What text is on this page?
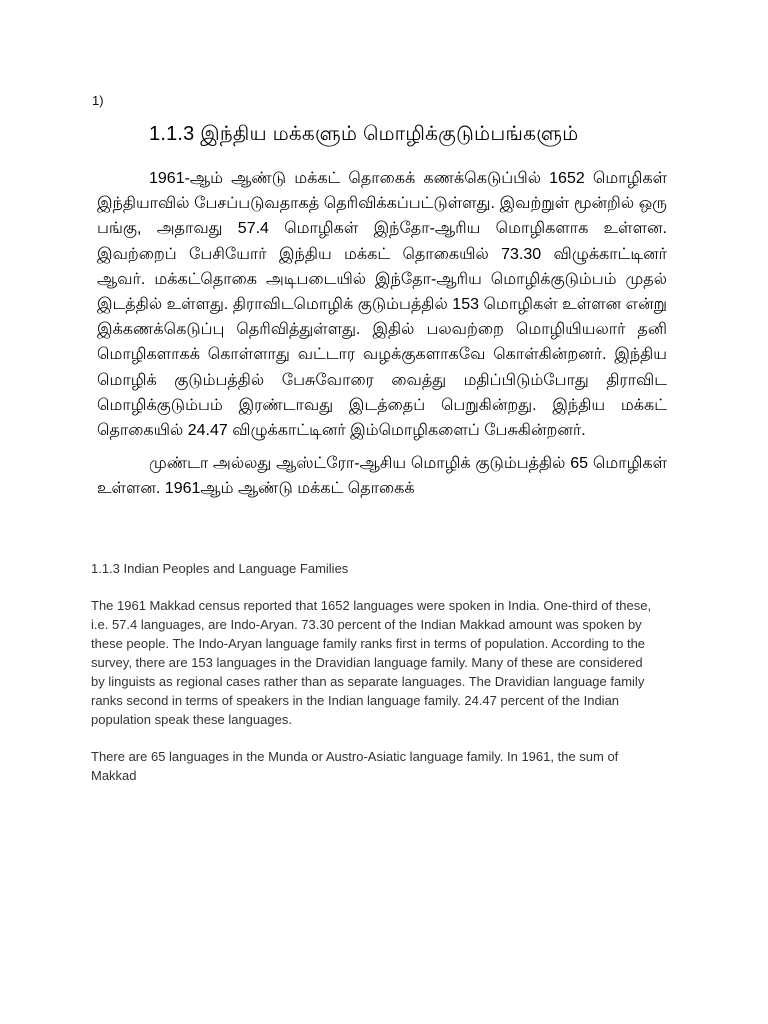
1)
1.1.3 இந்திய மக்களும் மொழிக்குடும்பங்களும்

1961-ஆம் ஆண்டு மக்கட் தொகைக் கணக்கெடுப்பில் 1652 மொழிகள் இந்தியாவில் பேசப்படுவதாகத் தெரிவிக்கப்பட்டுள்ளது. இவற்றுள் மூன்றில் ஒரு பங்கு, அதாவது 57.4 மொழிகள் இந்தோ-ஆரிய மொழிகளாக உள்ளன. இவற்றைப் பேசியோர் இந்திய மக்கட் தொகையில் 73.30 விழுக்காட்டினர் ஆவர். மக்கட்தொகை அடிபடையில் இந்தோ-ஆரிய மொழிக்குடும்பம் முதல் இடத்தில் உள்ளது. திராவிடமொழிக் குடும்பத்தில் 153 மொழிகள் உள்ளன என்று இக்கணக்கெடுப்பு தெரிவித்துள்ளது. இதில் பலவற்றை மொழியியலார் தனி மொழிகளாகக் கொள்ளாது வட்டார வழக்குகளாகவே கொள்கின்றனர். இந்திய மொழிக் குடும்பத்தில் பேசுவோரை வைத்து மதிப்பிடும்போது திராவிட மொழிக்குடும்பம் இரண்டாவது இடத்தைப் பெறுகின்றது. இந்திய மக்கட் தொகையில் 24.47 விழுக்காட்டினர் இம்மொழிகளைப் பேசுகின்றனர்.

முண்டா அல்லது ஆஸ்ட்ரோ-ஆசிய மொழிக் குடும்பத்தில் 65 மொழிகள் உள்ளன. 1961ஆம் ஆண்டு மக்கட் தொகைக்

1.1.3 Indian Peoples and Language Families

The 1961 Makkad census reported that 1652 languages were spoken in India. One-third of these, i.e. 57.4 languages, are Indo-Aryan. 73.30 percent of the Indian Makkad amount was spoken by these people. The Indo-Aryan language family ranks first in terms of population. According to the survey, there are 153 languages in the Dravidian language family. Many of these are considered by linguists as regional cases rather than as separate languages. The Dravidian language family ranks second in terms of speakers in the Indian language family. 24.47 percent of the Indian population speak these languages.

There are 65 languages in the Munda or Austro-Asiatic language family. In 1961, the sum of Makkad
